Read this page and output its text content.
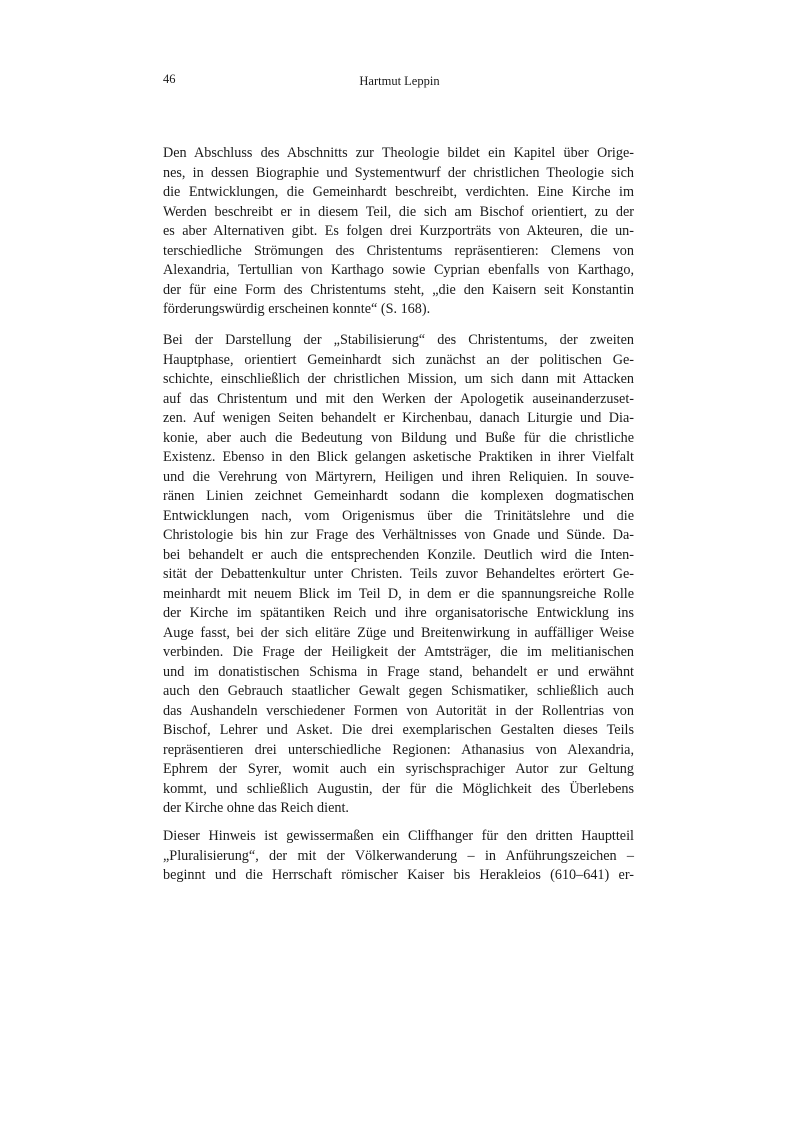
46	Hartmut Leppin
Den Abschluss des Abschnitts zur Theologie bildet ein Kapitel über Orige-
nes, in dessen Biographie und Systementwurf der christlichen Theologie sich
die Entwicklungen, die Gemeinhardt beschreibt, verdichten. Eine Kirche im
Werden beschreibt er in diesem Teil, die sich am Bischof orientiert, zu der
es aber Alternativen gibt. Es folgen drei Kurzporträts von Akteuren, die un-
terschiedliche Strömungen des Christentums repräsentieren: Clemens von
Alexandria, Tertullian von Karthago sowie Cyprian ebenfalls von Karthago,
der für eine Form des Christentums steht, „die den Kaisern seit Konstantin
förderungswürdig erscheinen konnte“ (S. 168).
Bei der Darstellung der „Stabilisierung“ des Christentums, der zweiten
Hauptphase, orientiert Gemeinhardt sich zunächst an der politischen Ge-
schichte, einschließlich der christlichen Mission, um sich dann mit Attacken
auf das Christentum und mit den Werken der Apologetik auseinanderzuset-
zen. Auf wenigen Seiten behandelt er Kirchenbau, danach Liturgie und Dia-
konie, aber auch die Bedeutung von Bildung und Buße für die christliche
Existenz. Ebenso in den Blick gelangen asketische Praktiken in ihrer Vielfalt
und die Verehrung von Märtyrern, Heiligen und ihren Reliquien. In souve-
ränen Linien zeichnet Gemeinhardt sodann die komplexen dogmatischen
Entwicklungen nach, vom Origenismus über die Trinitätslehre und die
Christologie bis hin zur Frage des Verhältnisses von Gnade und Sünde. Da-
bei behandelt er auch die entsprechenden Konzile. Deutlich wird die Inten-
sität der Debattenkultur unter Christen. Teils zuvor Behandeltes erörtert Ge-
meinhardt mit neuem Blick im Teil D, in dem er die spannungsreiche Rolle
der Kirche im spätantiken Reich und ihre organisatorische Entwicklung ins
Auge fasst, bei der sich elitäre Züge und Breitenwirkung in auffälliger Weise
verbinden. Die Frage der Heiligkeit der Amtsträger, die im melitianischen
und im donatistischen Schisma in Frage stand, behandelt er und erwähnt
auch den Gebrauch staatlicher Gewalt gegen Schismatiker, schließlich auch
das Aushandeln verschiedener Formen von Autorität in der Rollentrias von
Bischof, Lehrer und Asket. Die drei exemplarischen Gestalten dieses Teils
repräsentieren drei unterschiedliche Regionen: Athanasius von Alexandria,
Ephrem der Syrer, womit auch ein syrischsprachiger Autor zur Geltung
kommt, und schließlich Augustin, der für die Möglichkeit des Überlebens
der Kirche ohne das Reich dient.
Dieser Hinweis ist gewissermaßen ein Cliffhanger für den dritten Hauptteil
„Pluralisierung“, der mit der Völkerwanderung – in Anführungszeichen –
beginnt und die Herrschaft römischer Kaiser bis Herakleios (610–641) er-
